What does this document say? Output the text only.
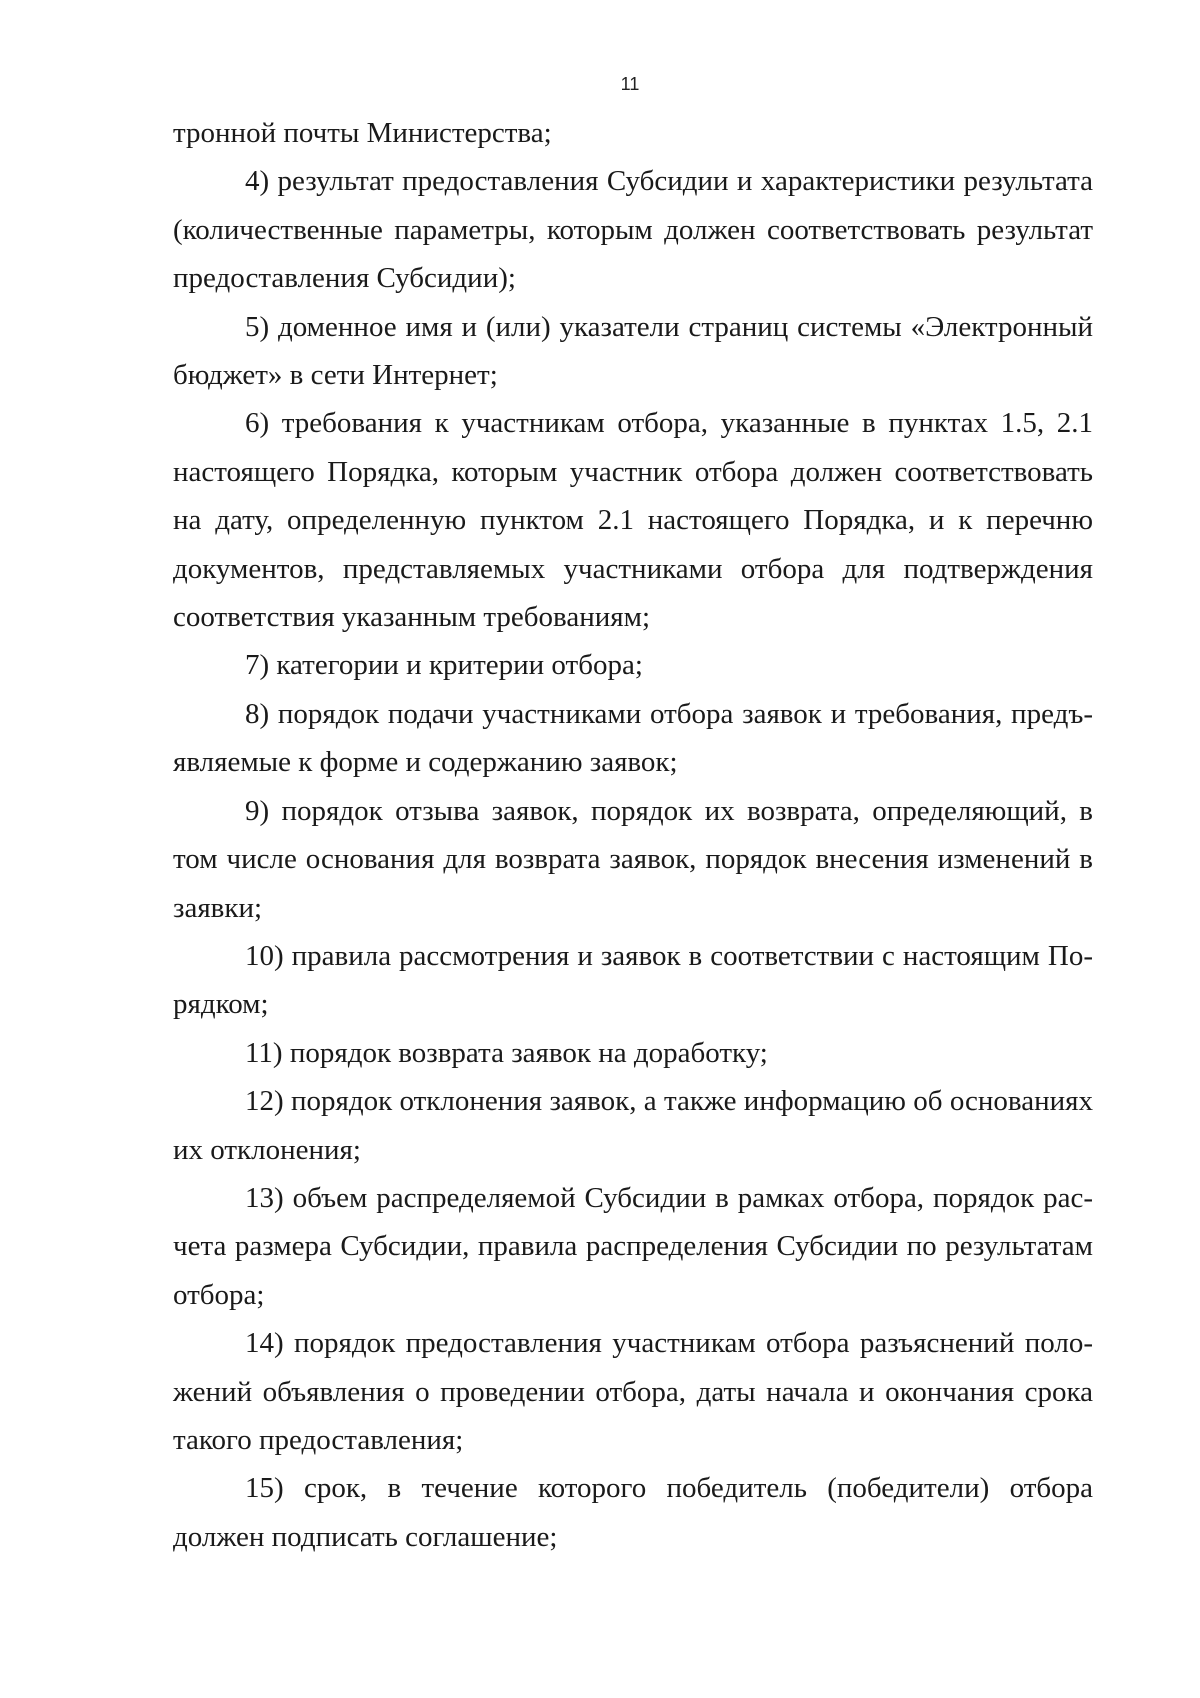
11

тронной почты Министерства;

4) результат предоставления Субсидии и характеристики результата (количественные параметры, которым должен соответствовать результат предоставления Субсидии);

5) доменное имя и (или) указатели страниц системы «Электронный бюджет» в сети Интернет;

6) требования к участникам отбора, указанные в пунктах 1.5, 2.1 настоящего Порядка, которым участник отбора должен соответствовать на дату, определенную пунктом 2.1 настоящего Порядка, и к перечню документов, представляемых участниками отбора для подтверждения соответствия указанным требованиям;

7) категории и критерии отбора;

8) порядок подачи участниками отбора заявок и требования, предъявляемые к форме и содержанию заявок;

9) порядок отзыва заявок, порядок их возврата, определяющий, в том числе основания для возврата заявок, порядок внесения изменений в заявки;

10) правила рассмотрения и заявок в соответствии с настоящим Порядком;

11) порядок возврата заявок на доработку;

12) порядок отклонения заявок, а также информацию об основаниях их отклонения;

13) объем распределяемой Субсидии в рамках отбора, порядок расчета размера Субсидии, правила распределения Субсидии по результатам отбора;

14) порядок предоставления участникам отбора разъяснений положений объявления о проведении отбора, даты начала и окончания срока такого предоставления;

15) срок, в течение которого победитель (победители) отбора должен подписать соглашение;
